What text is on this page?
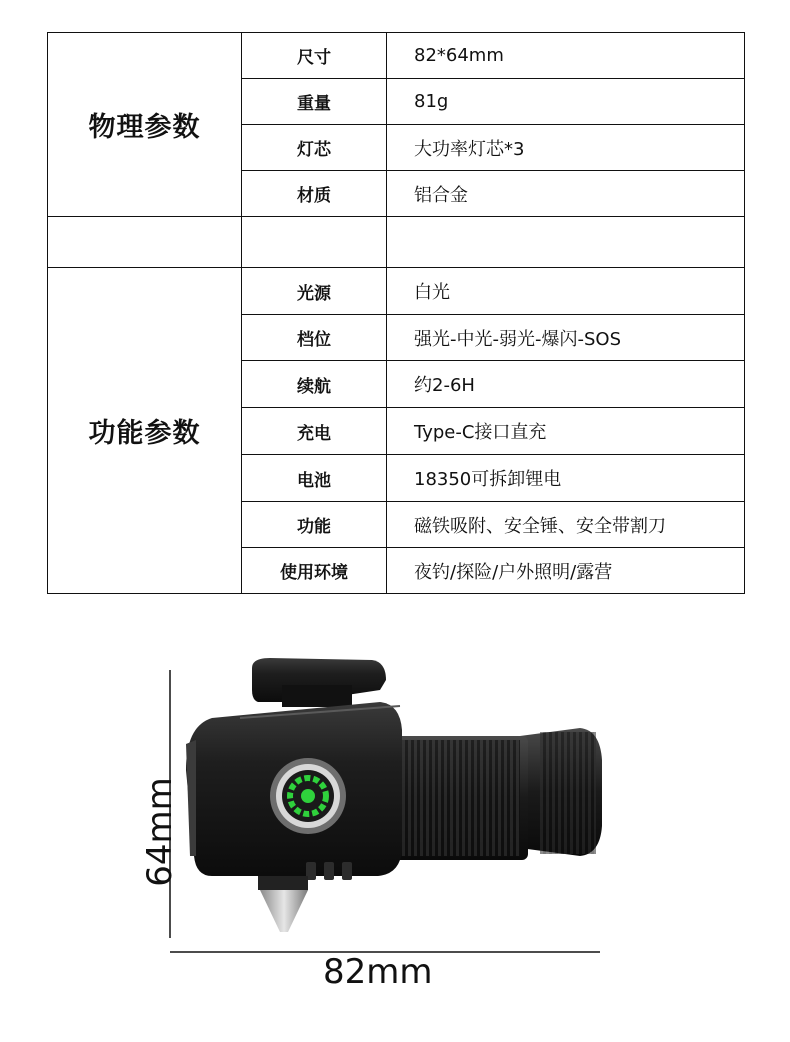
物理参数	尺寸	82*64mm
	重量	81g
	灯芯	大功率灯芯*3
	材质	铝合金

功能参数	光源	白光
	档位	强光-中光-弱光-爆闪-SOS
	续航	约2-6H
	充电	Type-C接口直充
	电池	18350可拆卸锂电
	功能	磁铁吸附、安全锤、安全带割刀
	使用环境	夜钓/探险/户外照明/露营
82mm
64mm
